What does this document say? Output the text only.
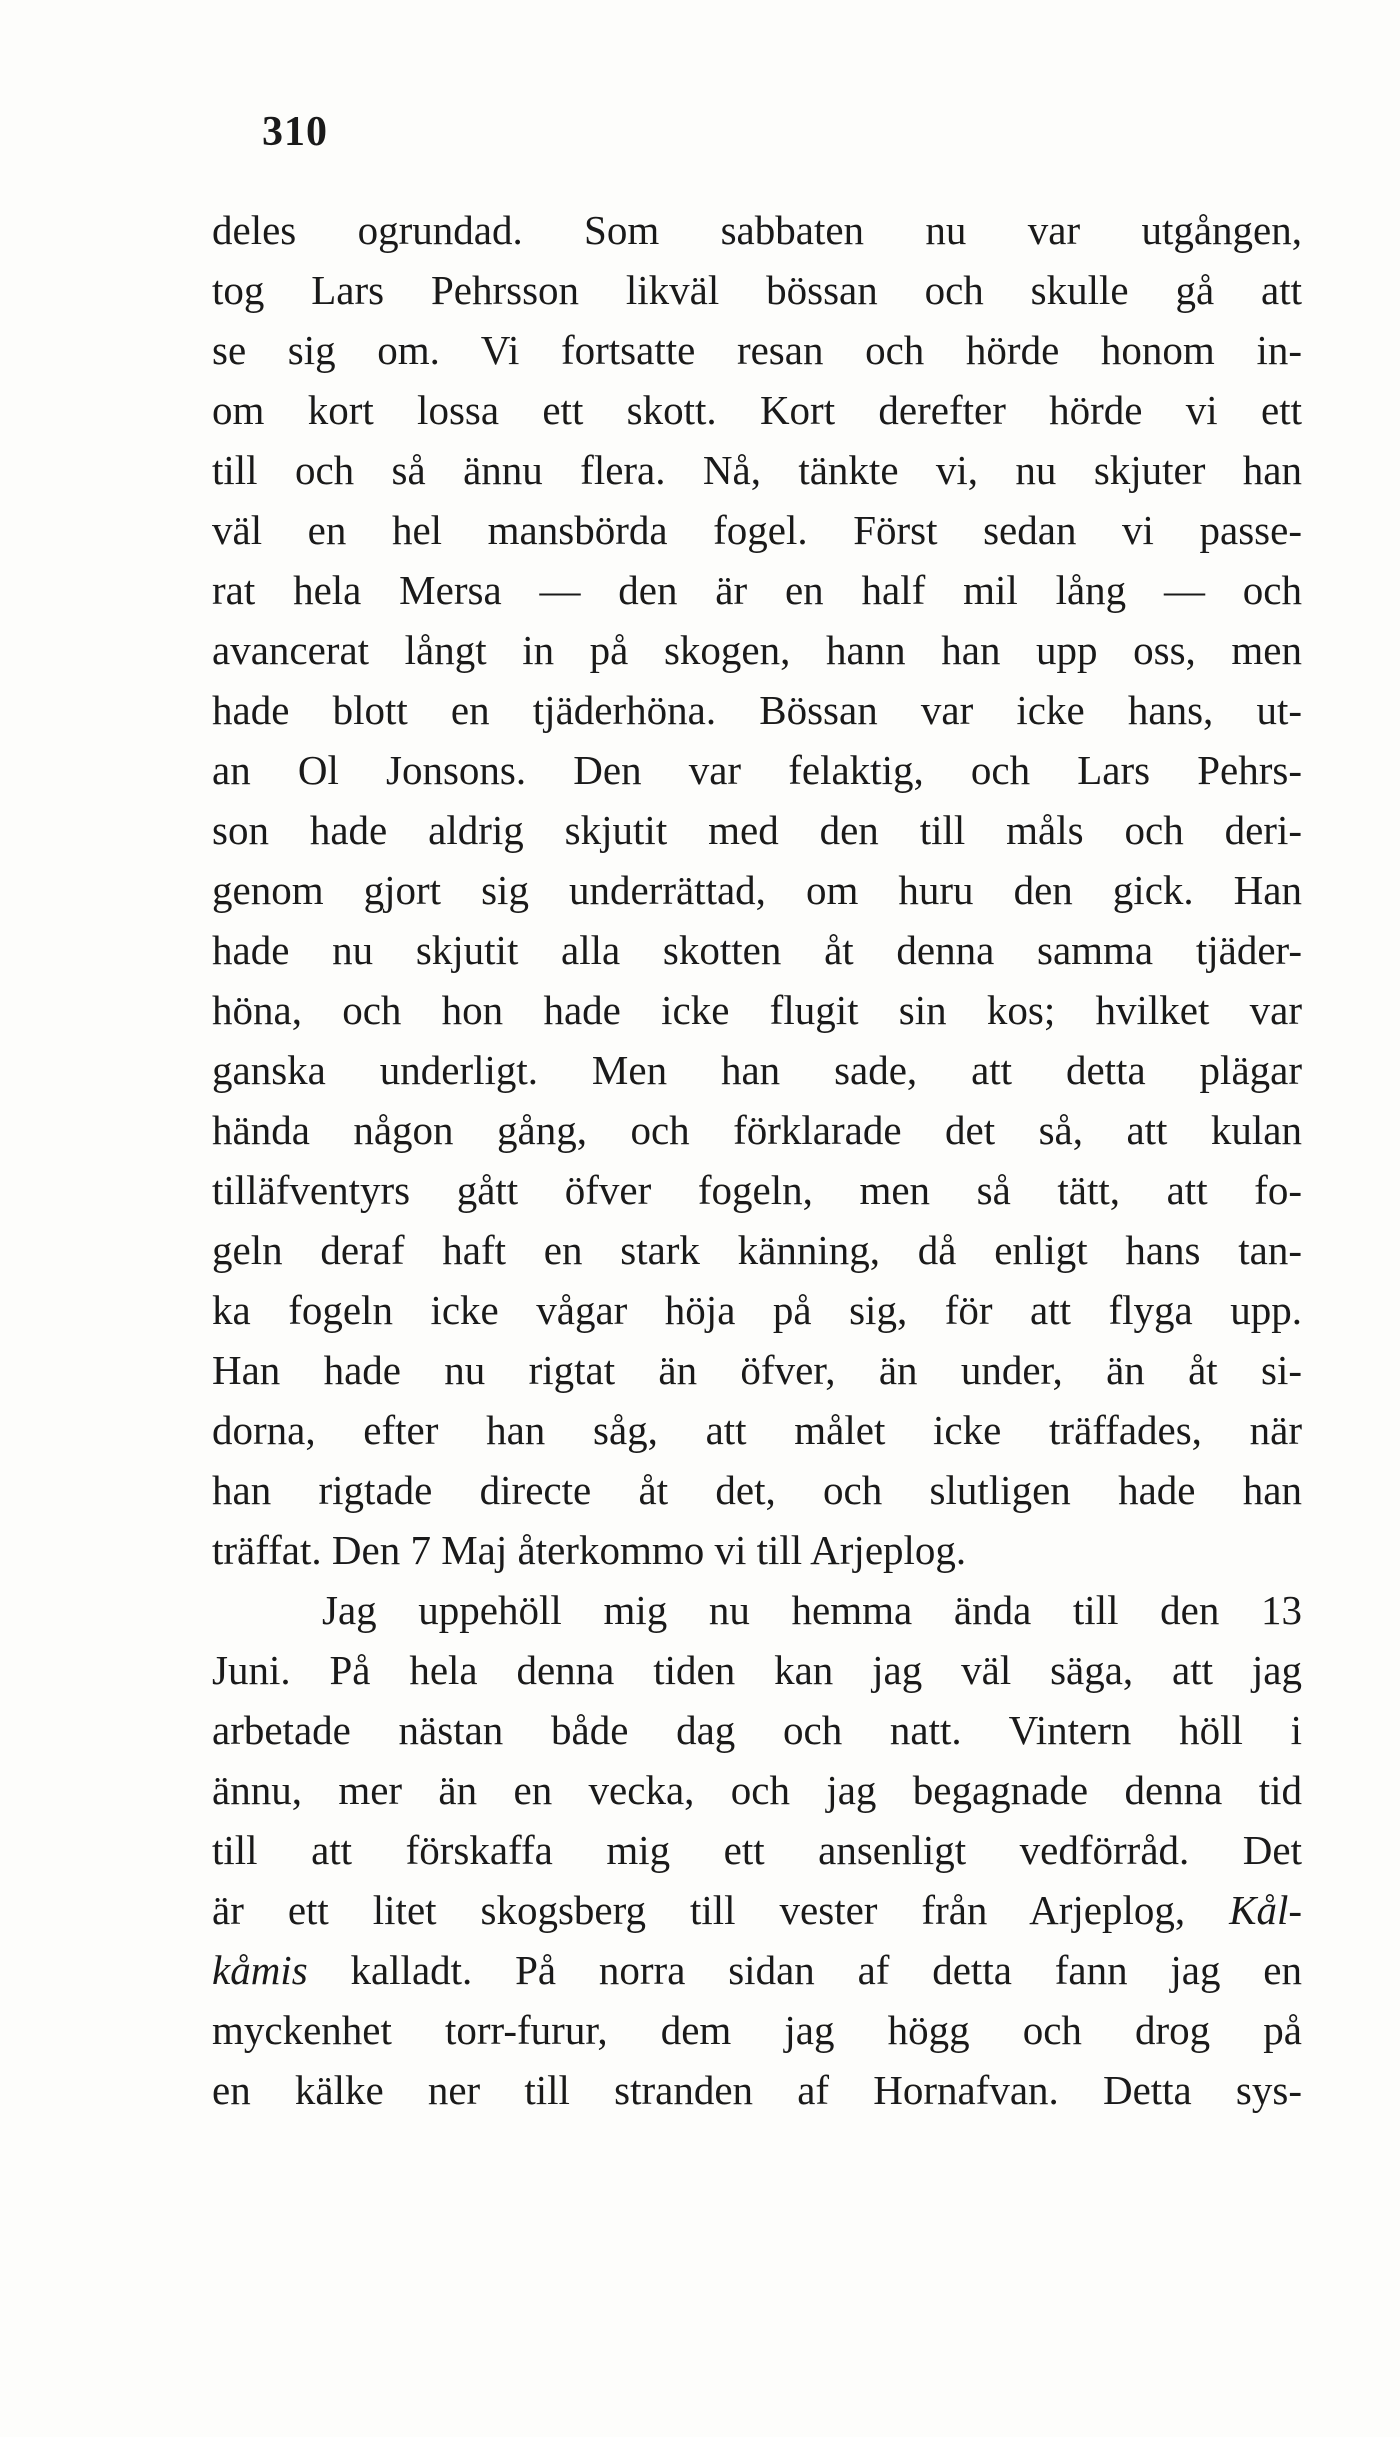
310
deles ogrundad. Som sabbaten nu var utgången,
tog Lars Pehrsson likväl bössan och skulle gå att
se sig om. Vi fortsatte resan och hörde honom in-
om kort lossa ett skott. Kort derefter hörde vi ett
till och så ännu flera. Nå, tänkte vi, nu skjuter han
väl en hel mansbörda fogel. Först sedan vi passe-
rat hela Mersa — den är en half mil lång — och
avancerat långt in på skogen, hann han upp oss, men
hade blott en tjäderhöna. Bössan var icke hans, ut-
an Ol Jonsons. Den var felaktig, och Lars Pehrs-
son hade aldrig skjutit med den till måls och deri-
genom gjort sig underrättad, om huru den gick. Han
hade nu skjutit alla skotten åt denna samma tjäder-
höna, och hon hade icke flugit sin kos; hvilket var
ganska underligt. Men han sade, att detta plägar
hända någon gång, och förklarade det så, att kulan
tilläfventyrs gått öfver fogeln, men så tätt, att fo-
geln deraf haft en stark känning, då enligt hans tan-
ka fogeln icke vågar höja på sig, för att flyga upp.
Han hade nu rigtat än öfver, än under, än åt si-
dorna, efter han såg, att målet icke träffades, när
han rigtade directe åt det, och slutligen hade han
träffat. Den 7 Maj återkommo vi till Arjeplog.
Jag uppehöll mig nu hemma ända till den 13
Juni. På hela denna tiden kan jag väl säga, att jag
arbetade nästan både dag och natt. Vintern höll i
ännu, mer än en vecka, och jag begagnade denna tid
till att förskaffa mig ett ansenligt vedförråd. Det
är ett litet skogsberg till vester från Arjeplog, Kål-
kåmis kalladt. På norra sidan af detta fann jag en
myckenhet torr-furur, dem jag högg och drog på
en kälke ner till stranden af Hornafvan. Detta sys-
